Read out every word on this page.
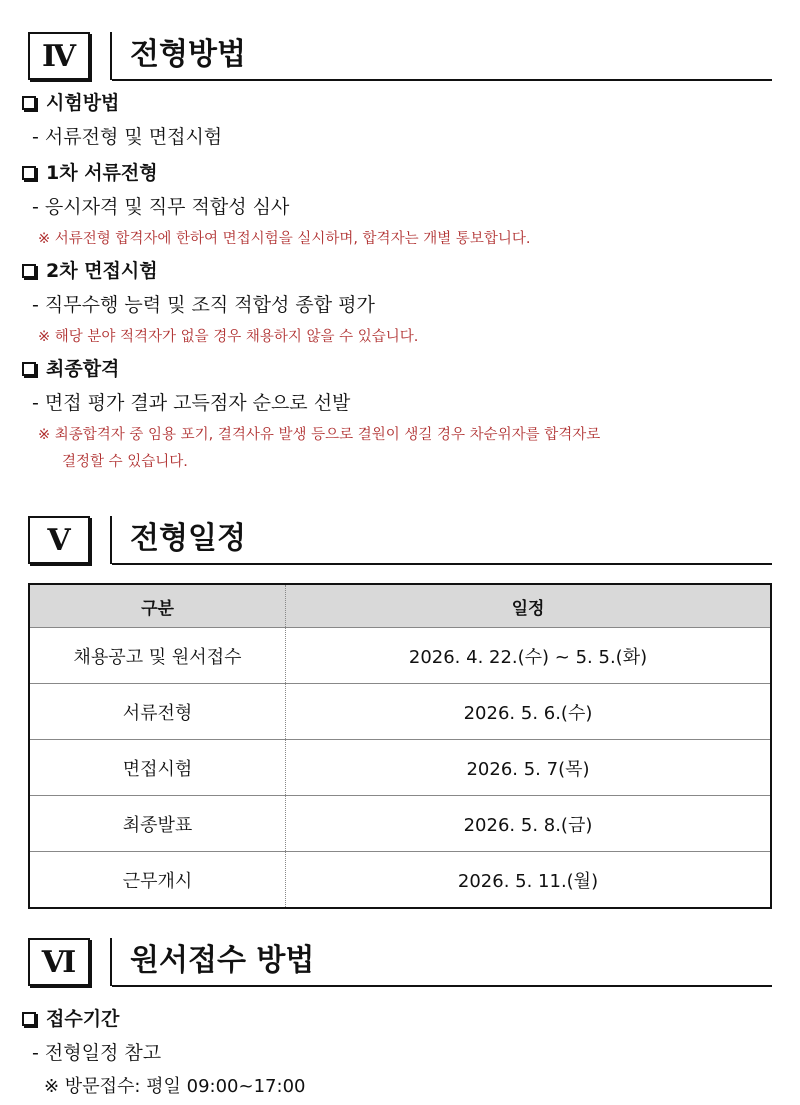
Ⅳ	전형방법
시험방법
- 서류전형 및 면접시험
1차 서류전형
- 응시자격 및 직무 적합성 심사
※ 서류전형 합격자에 한하여 면접시험을 실시하며, 합격자는 개별 통보합니다.
2차 면접시험
- 직무수행 능력 및 조직 적합성 종합 평가
※ 해당 분야 적격자가 없을 경우 채용하지 않을 수 있습니다.
최종합격
- 면접 평가 결과 고득점자 순으로 선발
※ 최종합격자 중 임용 포기, 결격사유 발생 등으로 결원이 생길 경우 차순위자를 합격자로
결정할 수 있습니다.
Ⅴ	전형일정
구분	일정
채용공고 및 원서접수	2026. 4. 22.(수) ~ 5. 5.(화)
서류전형	2026. 5. 6.(수)
면접시험	2026. 5. 7(목)
최종발표	2026. 5. 8.(금)
근무개시	2026. 5. 11.(월)
Ⅵ	원서접수 방법
접수기간
- 전형일정 참고
※ 방문접수: 평일 09:00~17:00
